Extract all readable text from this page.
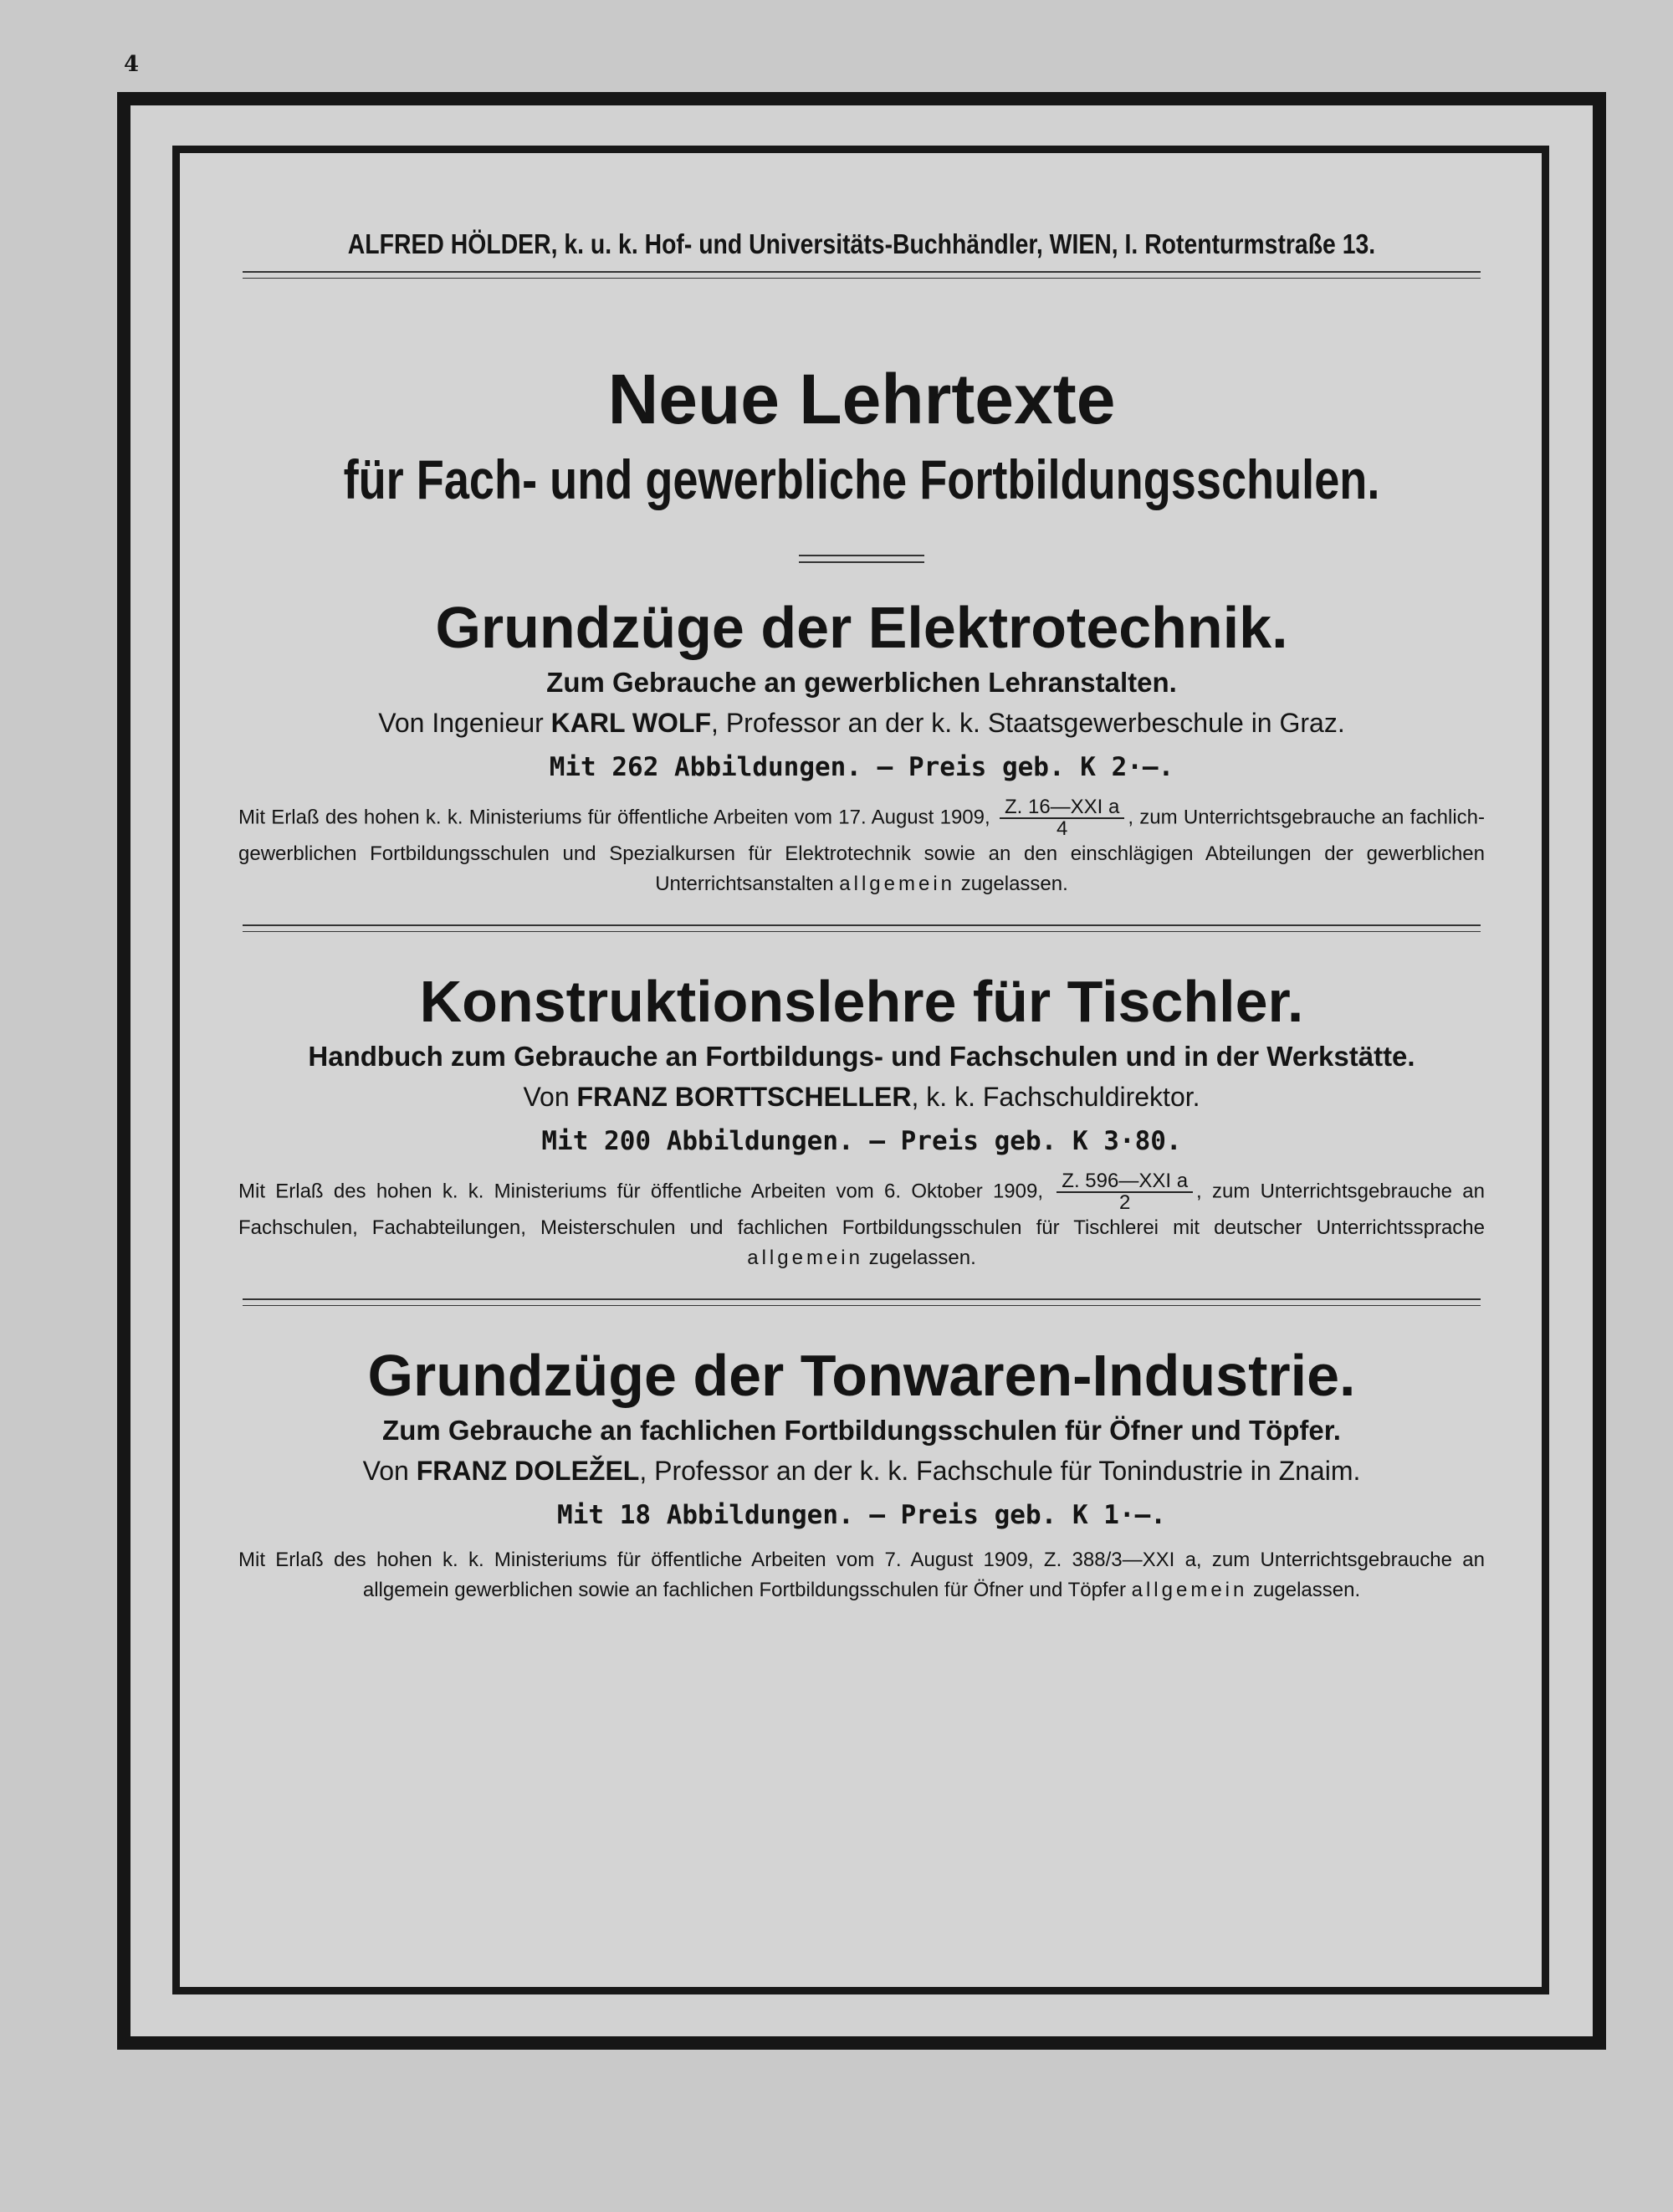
4
ALFRED HÖLDER, k. u. k. Hof- und Universitäts-Buchhändler, WIEN, I. Rotenturmstraße 13.
Neue Lehrtexte
für Fach- und gewerbliche Fortbildungsschulen.
Grundzüge der Elektrotechnik.
Zum Gebrauche an gewerblichen Lehranstalten.
Von Ingenieur KARL WOLF, Professor an der k. k. Staatsgewerbeschule in Graz.
Mit 262 Abbildungen. – Preis geb. K 2·–.
Mit Erlaß des hohen k. k. Ministeriums für öffentliche Arbeiten vom 17. August 1909, $\frac{\text{Z. 16—XXI a}}{4}$ , zum Unterrichtsgebrauche an fachlich-gewerblichen Fortbildungsschulen und Spezialkursen für Elektrotechnik sowie an den einschlägigen Abteilungen der gewerblichen Unterrichtsanstalten allgemein zugelassen.
Konstruktionslehre für Tischler.
Handbuch zum Gebrauche an Fortbildungs- und Fachschulen und in der Werkstätte.
Von FRANZ BORTTSCHELLER, k. k. Fachschuldirektor.
Mit 200 Abbildungen. – Preis geb. K 3·80.
Mit Erlaß des hohen k. k. Ministeriums für öffentliche Arbeiten vom 6. Oktober 1909, $\frac{\text{Z. 596—XXI a}}{2}$ , zum Unterrichtsgebrauche an Fachschulen, Fachabteilungen, Meisterschulen und fachlichen Fortbildungsschulen für Tischlerei mit deutscher Unterrichtssprache allgemein zugelassen.
Grundzüge der Tonwaren-Industrie.
Zum Gebrauche an fachlichen Fortbildungsschulen für Öfner und Töpfer.
Von FRANZ DOLEŽEL, Professor an der k. k. Fachschule für Tonindustrie in Znaim.
Mit 18 Abbildungen. – Preis geb. K 1·–.
Mit Erlaß des hohen k. k. Ministeriums für öffentliche Arbeiten vom 7. August 1909, Z. 388/3—XXI a, zum Unterrichtsgebrauche an allgemein gewerblichen sowie an fachlichen Fortbildungsschulen für Öfner und Töpfer allgemein zugelassen.
